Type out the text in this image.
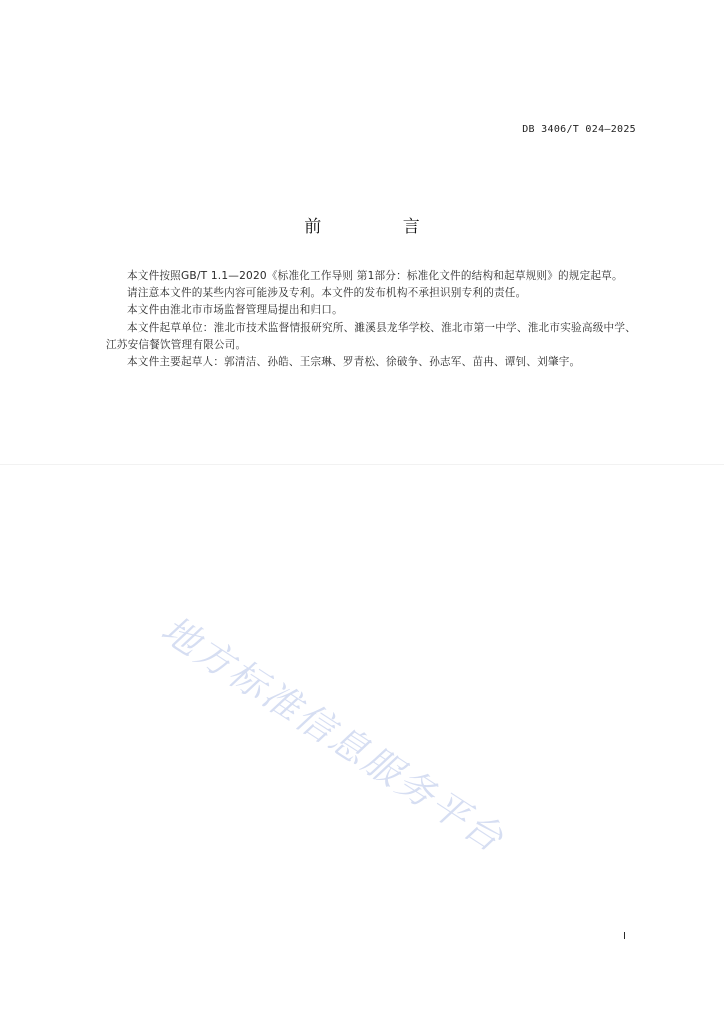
DB 3406/T 024—2025
前 言

本文件按照GB/T 1.1—2020《标准化工作导则 第1部分：标准化文件的结构和起草规则》的规定起草。

请注意本文件的某些内容可能涉及专利。本文件的发布机构不承担识别专利的责任。

本文件由淮北市市场监督管理局提出和归口。

本文件起草单位：淮北市技术监督情报研究所、濉溪县龙华学校、淮北市第一中学、淮北市实验高级中学、江苏安信餐饮管理有限公司。

本文件主要起草人：郭清洁、孙皓、王宗琳、罗青松、徐破争、孙志军、苗冉、谭钊、刘肇宇。

地方标准信息服务平台
I
